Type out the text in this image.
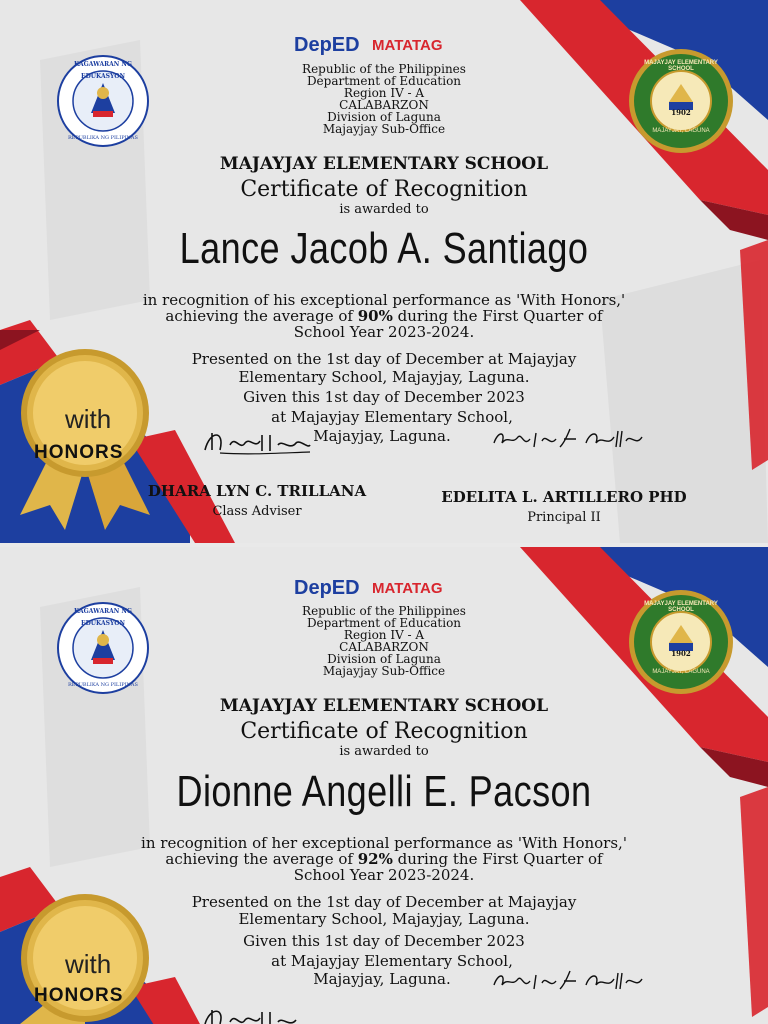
KAGAWARAN NG EDUKASYON
REPUBLIKA NG PILIPINAS
MAJAYJAY ELEMENTARY SCHOOL
1902
MAJAYJAY, LAGUNA
DepED MATATAG
Republic of the Philippines
Department of Education
Region IV - A
CALABARZON
Division of Laguna
Majayjay Sub-Office
MAJAYJAY ELEMENTARY SCHOOL
Certificate of Recognition
is awarded to
Lance Jacob A. Santiago
in recognition of his exceptional performance as 'With Honors,'
achieving the average of 90% during the First Quarter of
School Year 2023-2024.
Presented on the 1st day of December at Majayjay
Elementary School, Majayjay, Laguna.
Given this 1st day of December 2023
at Majayjay Elementary School,
Majayjay, Laguna.
with
HONORS
DHARA LYN C. TRILLANA
Class Adviser
EDELITA L. ARTILLERO PHD
Principal II
KAGAWARAN NG EDUKASYON
REPUBLIKA NG PILIPINAS
MAJAYJAY ELEMENTARY SCHOOL
1902
MAJAYJAY, LAGUNA
DepED MATATAG
Republic of the Philippines
Department of Education
Region IV - A
CALABARZON
Division of Laguna
Majayjay Sub-Office
MAJAYJAY ELEMENTARY SCHOOL
Certificate of Recognition
is awarded to
Dionne Angelli E. Pacson
in recognition of her exceptional performance as 'With Honors,'
achieving the average of 92% during the First Quarter of
School Year 2023-2024.
Presented on the 1st day of December at Majayjay
Elementary School, Majayjay, Laguna.
Given this 1st day of December 2023
at Majayjay Elementary School,
Majayjay, Laguna.
with
HONORS
